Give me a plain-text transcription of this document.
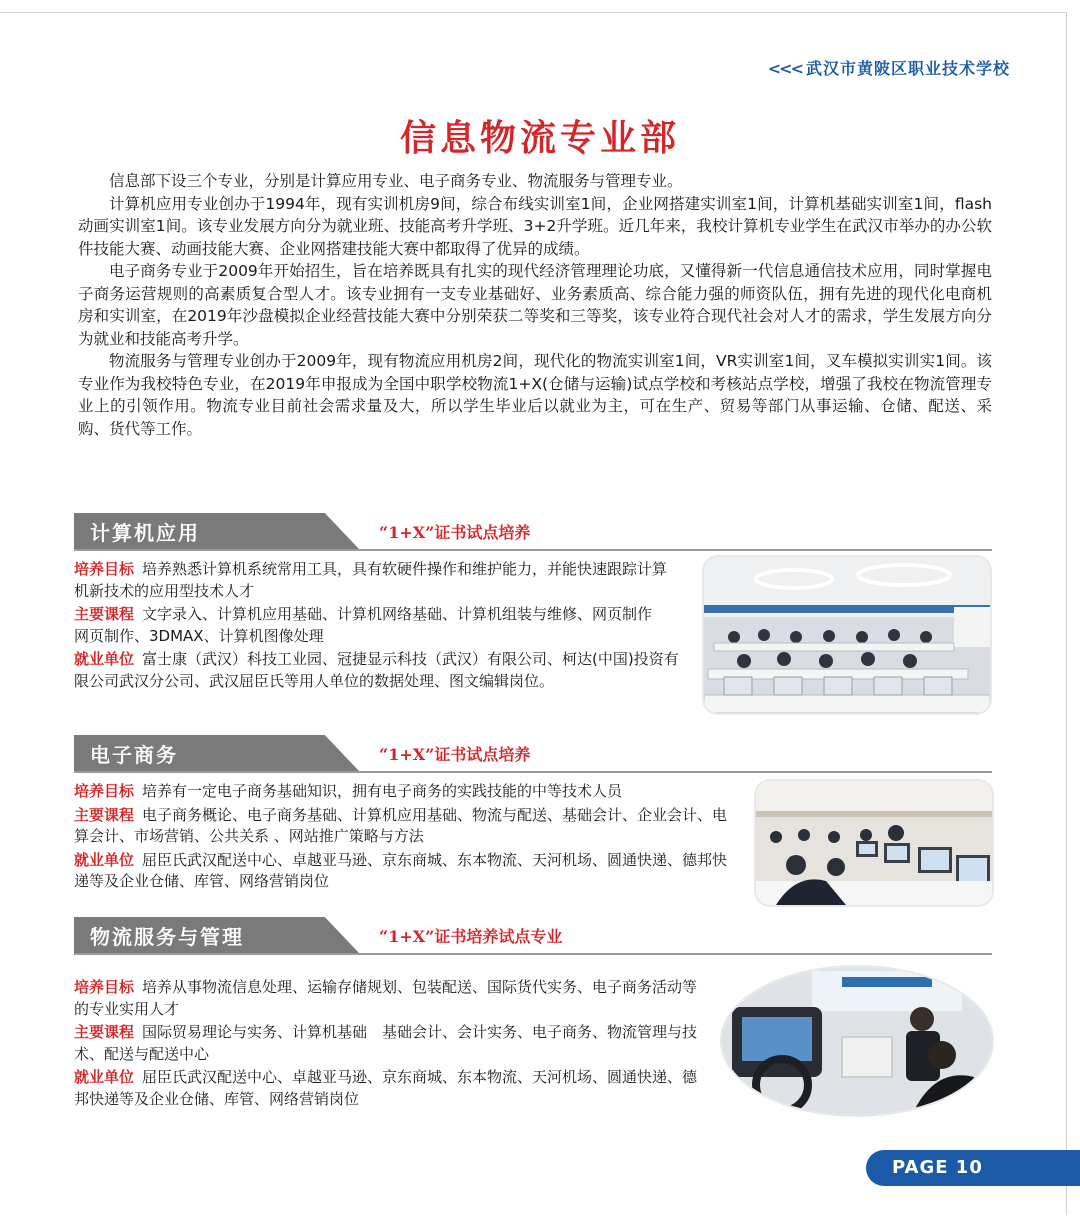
<<< 武汉市黄陂区职业技术学校
信息物流专业部

信息部下设三个专业，分别是计算应用专业、电子商务专业、物流服务与管理专业。

计算机应用专业创办于1994年，现有实训机房9间，综合布线实训室1间，企业网搭建实训室1间，计算机基础实训室1间，flash动画实训室1间。该专业发展方向分为就业班、技能高考升学班、3+2升学班。近几年来，我校计算机专业学生在武汉市举办的办公软件技能大赛、动画技能大赛、企业网搭建技能大赛中都取得了优异的成绩。

电子商务专业于2009年开始招生，旨在培养既具有扎实的现代经济管理理论功底，又懂得新一代信息通信技术应用，同时掌握电子商务运营规则的高素质复合型人才。该专业拥有一支专业基础好、业务素质高、综合能力强的师资队伍，拥有先进的现代化电商机房和实训室，在2019年沙盘模拟企业经营技能大赛中分别荣获二等奖和三等奖，该专业符合现代社会对人才的需求，学生发展方向分为就业和技能高考升学。

物流服务与管理专业创办于2009年，现有物流应用机房2间，现代化的物流实训室1间，VR实训室1间，叉车模拟实训实1间。该专业作为我校特色专业，在2019年申报成为全国中职学校物流1+X(仓储与运输)试点学校和考核站点学校，增强了我校在物流管理专业上的引领作用。物流专业目前社会需求量及大，所以学生毕业后以就业为主，可在生产、贸易等部门从事运输、仓储、配送、采购、货代等工作。

计算机应用	“1+X”证书试点培养
培养目标 培养熟悉计算机系统常用工具，具有软硬件操作和维护能力，并能快速跟踪计算机新技术的应用型技术人才
主要课程 文字录入、计算机应用基础、计算机网络基础、计算机组装与维修、网页制作　网页制作、3DMAX、计算机图像处理
就业单位 富士康（武汉）科技工业园、冠捷显示科技（武汉）有限公司、柯达(中国)投资有限公司武汉分公司、武汉屈臣氏等用人单位的数据处理、图文编辑岗位。
电子商务	“1+X”证书试点培养
培养目标 培养有一定电子商务基础知识，拥有电子商务的实践技能的中等技术人员
主要课程 电子商务概论、电子商务基础、计算机应用基础、物流与配送、基础会计、企业会计、电算会计、市场营销、公共关系 、网站推广策略与方法
就业单位 屈臣氏武汉配送中心、卓越亚马逊、京东商城、东本物流、天河机场、圆通快递、德邦快递等及企业仓储、库管、网络营销岗位
物流服务与管理	“1+X”证书培养试点专业
培养目标 培养从事物流信息处理、运输存储规划、包装配送、国际货代实务、电子商务活动等的专业实用人才
主要课程 国际贸易理论与实务、计算机基础　基础会计、会计实务、电子商务、物流管理与技术、配送与配送中心
就业单位 屈臣氏武汉配送中心、卓越亚马逊、京东商城、东本物流、天河机场、圆通快递、德邦快递等及企业仓储、库管、网络营销岗位
PAGE 10
